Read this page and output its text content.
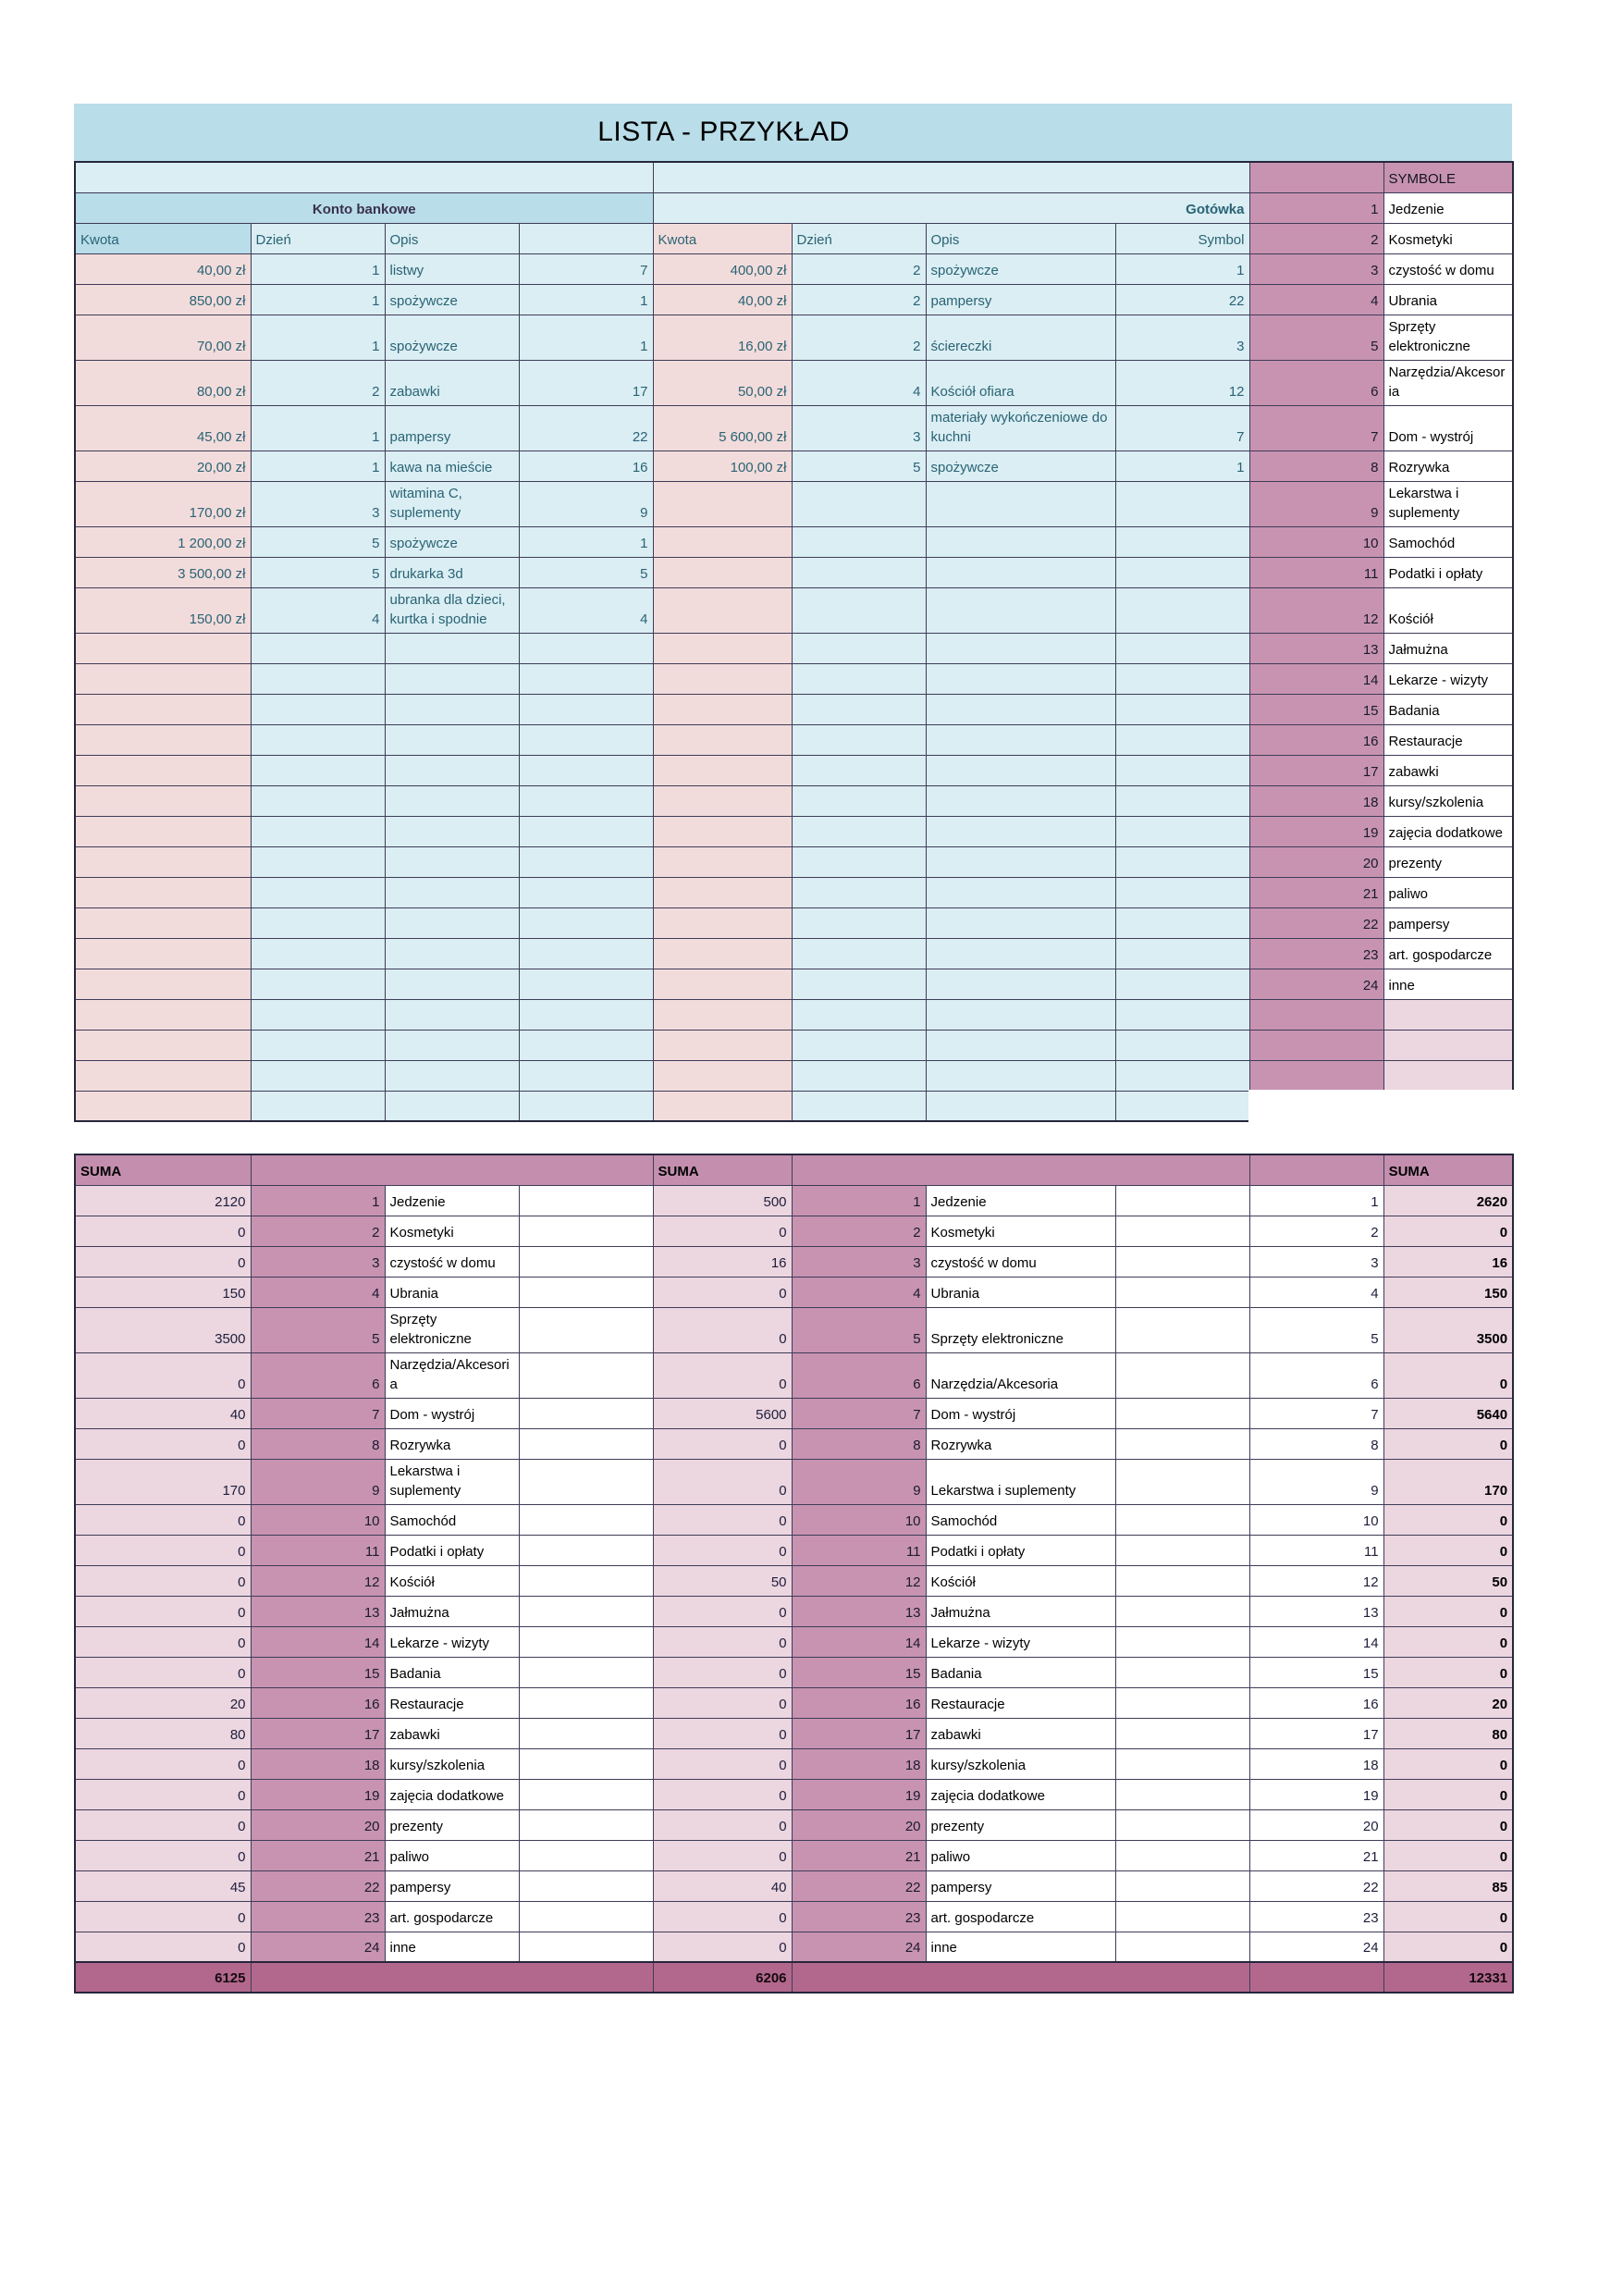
LISTA - PRZYKŁAD
									SYMBOLE
Konto bankowe				Gotówka				1	Jedzenie
Kwota	Dzień	Opis		Kwota	Dzień	Opis	Symbol	2	Kosmetyki
40,00 zł	1	listwy	7	400,00 zł	2	spożywcze	1	3	czystość w domu
850,00 zł	1	spożywcze	1	40,00 zł	2	pampersy	22	4	Ubrania
70,00 zł	1	spożywcze	1	16,00 zł	2	ściereczki	3	5	Sprzęty elektroniczne
80,00 zł	2	zabawki	17	50,00 zł	4	Kościół ofiara	12	6	Narzędzia/Akcesoria
45,00 zł	1	pampersy	22	5 600,00 zł	3	materiały wykończeniowe do kuchni	7	7	Dom - wystrój
20,00 zł	1	kawa na mieście	16	100,00 zł	5	spożywcze	1	8	Rozrywka
170,00 zł	3	witamina C, suplementy	9					9	Lekarstwa i suplementy
1 200,00 zł	5	spożywcze	1					10	Samochód
3 500,00 zł	5	drukarka 3d	5					11	Podatki i opłaty
150,00 zł	4	ubranka dla dzieci, kurtka i spodnie	4					12	Kościół
								13	Jałmużna
								14	Lekarze - wizyty
								15	Badania
								16	Restauracje
								17	zabawki
								18	kursy/szkolenia
								19	zajęcia dodatkowe
								20	prezenty
								21	paliwo
								22	pampersy
								23	art. gospodarcze
								24	inne

SUMA				SUMA					SUMA
2120	1	Jedzenie		500	1	Jedzenie		1	2620
0	2	Kosmetyki		0	2	Kosmetyki		2	0
0	3	czystość w domu		16	3	czystość w domu		3	16
150	4	Ubrania		0	4	Ubrania		4	150
3500	5	Sprzęty elektroniczne		0	5	Sprzęty elektroniczne		5	3500
0	6	Narzędzia/Akcesoria		0	6	Narzędzia/Akcesoria		6	0
40	7	Dom - wystrój		5600	7	Dom - wystrój		7	5640
0	8	Rozrywka		0	8	Rozrywka		8	0
170	9	Lekarstwa i suplementy		0	9	Lekarstwa i suplementy		9	170
0	10	Samochód		0	10	Samochód		10	0
0	11	Podatki i opłaty		0	11	Podatki i opłaty		11	0
0	12	Kościół		50	12	Kościół		12	50
0	13	Jałmużna		0	13	Jałmużna		13	0
0	14	Lekarze - wizyty		0	14	Lekarze - wizyty		14	0
0	15	Badania		0	15	Badania		15	0
20	16	Restauracje		0	16	Restauracje		16	20
80	17	zabawki		0	17	zabawki		17	80
0	18	kursy/szkolenia		0	18	kursy/szkolenia		18	0
0	19	zajęcia dodatkowe		0	19	zajęcia dodatkowe		19	0
0	20	prezenty		0	20	prezenty		20	0
0	21	paliwo		0	21	paliwo		21	0
45	22	pampersy		40	22	pampersy		22	85
0	23	art. gospodarcze		0	23	art. gospodarcze		23	0
0	24	inne		0	24	inne		24	0
6125				6206					12331
